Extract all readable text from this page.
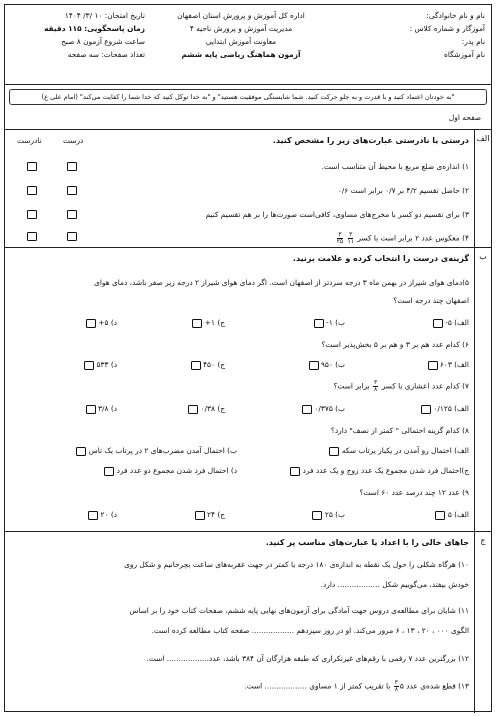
نام و نام خانوادگی:
آموزگار و شماره کلاس :
نام پدر:
نام آموزشگاه
اداره کل آموزش و پرورش استان اصفهان
مدیریت آموزش و پرورش ناحیه ۴
معاونت آموزش ابتدایی
آزمون هماهنگ ریاضی پایه ششم
تاریخ امتحان: ۱۰ /۳/ ۱۴۰۴
زمان پاسخگویی: ۱۱۵ دقیقه
ساعت شروع آزمون ۸ صبح
تعداد صفحات: سه صفحه
"به خودتان اعتماد کنید و با قدرت و به جلو حرکت کنید. شما شایستگی موفقیت هستید" و "به خدا توکل کنید که خدا شما را کفایت می‌کند" (امام علی ع)
صفحه اول
الف
درستی یا نادرستی عبارت‌های زیر را مشخص کنید.
درست
نادرست
۱) اندازه‌ی ضلع مربع با محیط آن متناسب است.
۲) حاصل تقسیم ۴/۲ بر ۰/۷ برابر است ۰/۶
۳) برای تقسیم دو کسر با مخرج‌های مساوی، کافی‌است صورت‌ها را بر هم تقسیم کنیم
۴) معکوس عدد ۲ برابر است با کسر
$\frac{۳}{۱۱}$

$\frac{۳}{۲۵}$
ب
گزینه‌ی درست را انتخاب کرده و علامت بزنید.
۵)دمای هوای شیراز در بهمن ماه ۳ درجه سردتر از اصفهان است. اگر دمای هوای شیراز ۲ درجه زیر صفر باشد، دمای هوای
اصفهان چند درجه است؟
الف) ۵-
ب) ۱-
ج) ۱+
د) ۵+
۶) کدام عدد هم بر ۳ و هم بر ۵ بخش‌پذیر است؟
الف) ۶۰۳
ب) ۹۵۰
ج) ۴۵۰
د) ۵۳۳
۷) کدام عدد اعشاری با کسر
$\frac{۳}{۸}$
برابر است؟
الف) ۰/۱۲۵
ب) ۰/۳۷۵
ج) ۰/۳۸
د) ۳/۸
۸) کدام گزینه احتمالی " کمتر از نصف" دارد؟
الف) احتمال رو آمدن در یکبار پرتاب سکه
ب) احتمال آمدن مضرب‌های ۲ در پرتاب یک تاس
ج)احتمال فرد شدن مجموع یک عدد زوج و یک عدد فرد
د) احتمال فرد شدن مجموع دو عدد فرد
۹) عدد ۱۲ چند درصد عدد ۶۰ است؟
الف) ۵
ب) ۲۵
ج) ۲۴
د) ۲۰
ج
جاهای خالی را با اعداد یا عبارت‌های مناسب پر کنید.
۱۰) هرگاه شکلی را حول یک نقطه به اندازه‌ی ۱۸۰ درجه یا کمتر در جهت عقربه‌های ساعت بچرخانیم و شکل روی
خودش بیفتد، می‌گوییم شکل .................. دارد.
۱۱) شایان برای مطالعه‌ی دروس جهت آمادگی برای آزمون‌های نهایی پایه ششم، صفحات کتاب خود را بر اساس
الگوی ۰۰۰ ، ۲۰ ، ۱۳ ، ۶ مرور می‌کند. او در روز سیزدهم .................. صفحه کتاب مطالعه کرده است.
۱۲) بزرگترین عدد ۷ رقمی با رقم‌های غیرتکراری که طبقه هزارگان آن ۳۸۴ باشد، عدد.................. است.
۱۳) قطع شده‌ی عدد ۵
$\frac{۳}{۸}$
با تقریب کمتر از ۱ مساوی .................. است.
